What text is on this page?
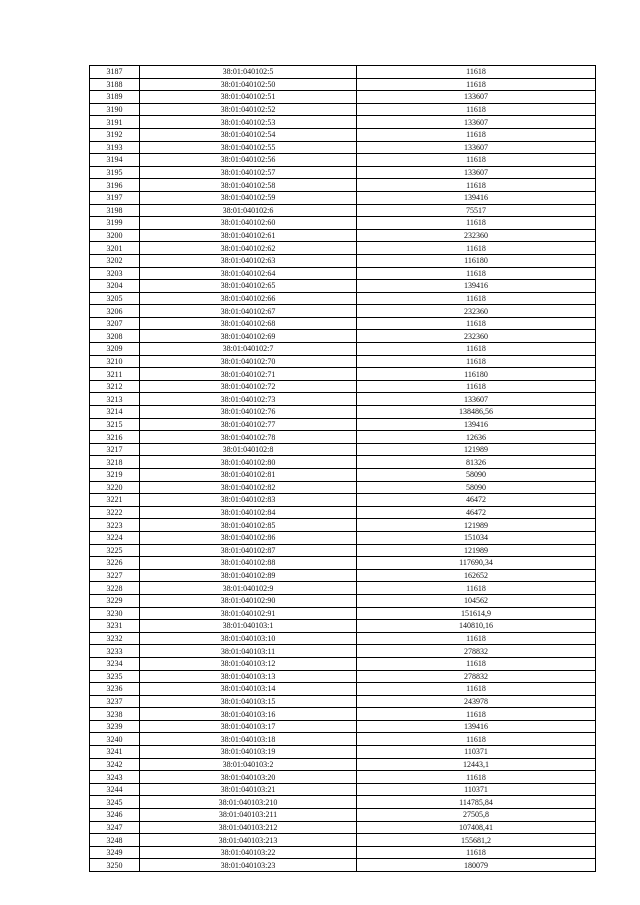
3187	38:01:040102:5	11618
3188	38:01:040102:50	11618
3189	38:01:040102:51	133607
3190	38:01:040102:52	11618
3191	38:01:040102:53	133607
3192	38:01:040102:54	11618
3193	38:01:040102:55	133607
3194	38:01:040102:56	11618
3195	38:01:040102:57	133607
3196	38:01:040102:58	11618
3197	38:01:040102:59	139416
3198	38:01:040102:6	75517
3199	38:01:040102:60	11618
3200	38:01:040102:61	232360
3201	38:01:040102:62	11618
3202	38:01:040102:63	116180
3203	38:01:040102:64	11618
3204	38:01:040102:65	139416
3205	38:01:040102:66	11618
3206	38:01:040102:67	232360
3207	38:01:040102:68	11618
3208	38:01:040102:69	232360
3209	38:01:040102:7	11618
3210	38:01:040102:70	11618
3211	38:01:040102:71	116180
3212	38:01:040102:72	11618
3213	38:01:040102:73	133607
3214	38:01:040102:76	138486,56
3215	38:01:040102:77	139416
3216	38:01:040102:78	12636
3217	38:01:040102:8	121989
3218	38:01:040102:80	81326
3219	38:01:040102:81	58090
3220	38:01:040102:82	58090
3221	38:01:040102:83	46472
3222	38:01:040102:84	46472
3223	38:01:040102:85	121989
3224	38:01:040102:86	151034
3225	38:01:040102:87	121989
3226	38:01:040102:88	117690,34
3227	38:01:040102:89	162652
3228	38:01:040102:9	11618
3229	38:01:040102:90	104562
3230	38:01:040102:91	151614,9
3231	38:01:040103:1	140810,16
3232	38:01:040103:10	11618
3233	38:01:040103:11	278832
3234	38:01:040103:12	11618
3235	38:01:040103:13	278832
3236	38:01:040103:14	11618
3237	38:01:040103:15	243978
3238	38:01:040103:16	11618
3239	38:01:040103:17	139416
3240	38:01:040103:18	11618
3241	38:01:040103:19	110371
3242	38:01:040103:2	12443,1
3243	38:01:040103:20	11618
3244	38:01:040103:21	110371
3245	38:01:040103:210	114785,84
3246	38:01:040103:211	27505,8
3247	38:01:040103:212	107408,41
3248	38:01:040103:213	155681,2
3249	38:01:040103:22	11618
3250	38:01:040103:23	180079
